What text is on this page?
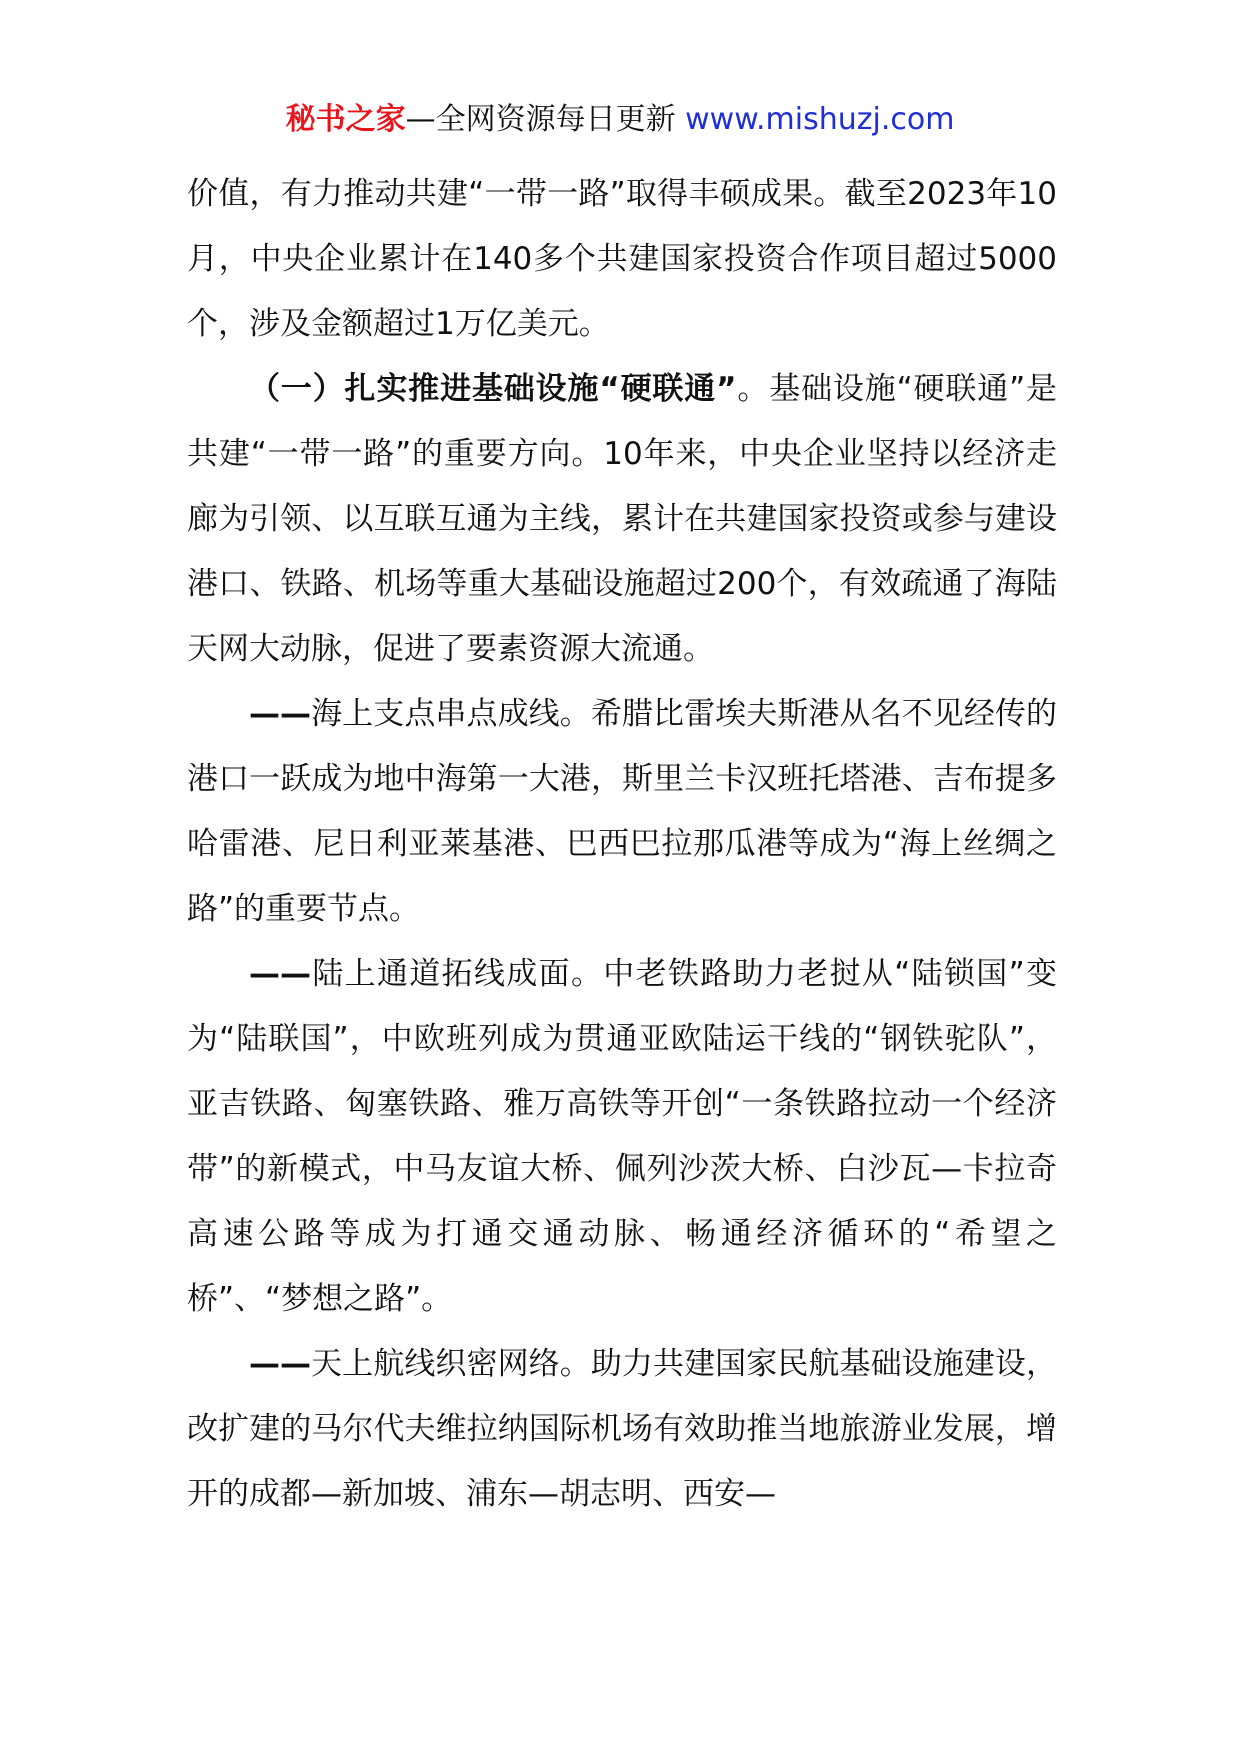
秘书之家—全网资源每日更新 www.mishuzj.com

价值，有力推动共建“一带一路”取得丰硕成果。截至2023年10月，中央企业累计在140多个共建国家投资合作项目超过5000个，涉及金额超过1万亿美元。

（一）扎实推进基础设施“硬联通”。基础设施“硬联通”是共建“一带一路”的重要方向。10年来，中央企业坚持以经济走廊为引领、以互联互通为主线，累计在共建国家投资或参与建设港口、铁路、机场等重大基础设施超过200个，有效疏通了海陆天网大动脉，促进了要素资源大流通。

——海上支点串点成线。希腊比雷埃夫斯港从名不见经传的港口一跃成为地中海第一大港，斯里兰卡汉班托塔港、吉布提多哈雷港、尼日利亚莱基港、巴西巴拉那瓜港等成为“海上丝绸之路”的重要节点。

——陆上通道拓线成面。中老铁路助力老挝从“陆锁国”变为“陆联国”，中欧班列成为贯通亚欧陆运干线的“钢铁驼队”，亚吉铁路、匈塞铁路、雅万高铁等开创“一条铁路拉动一个经济带”的新模式，中马友谊大桥、佩列沙茨大桥、白沙瓦—卡拉奇高速公路等成为打通交通动脉、畅通经济循环的“希望之桥”、“梦想之路”。

——天上航线织密网络。助力共建国家民航基础设施建设，改扩建的马尔代夫维拉纳国际机场有效助推当地旅游业发展，增开的成都—新加坡、浦东—胡志明、西安—
